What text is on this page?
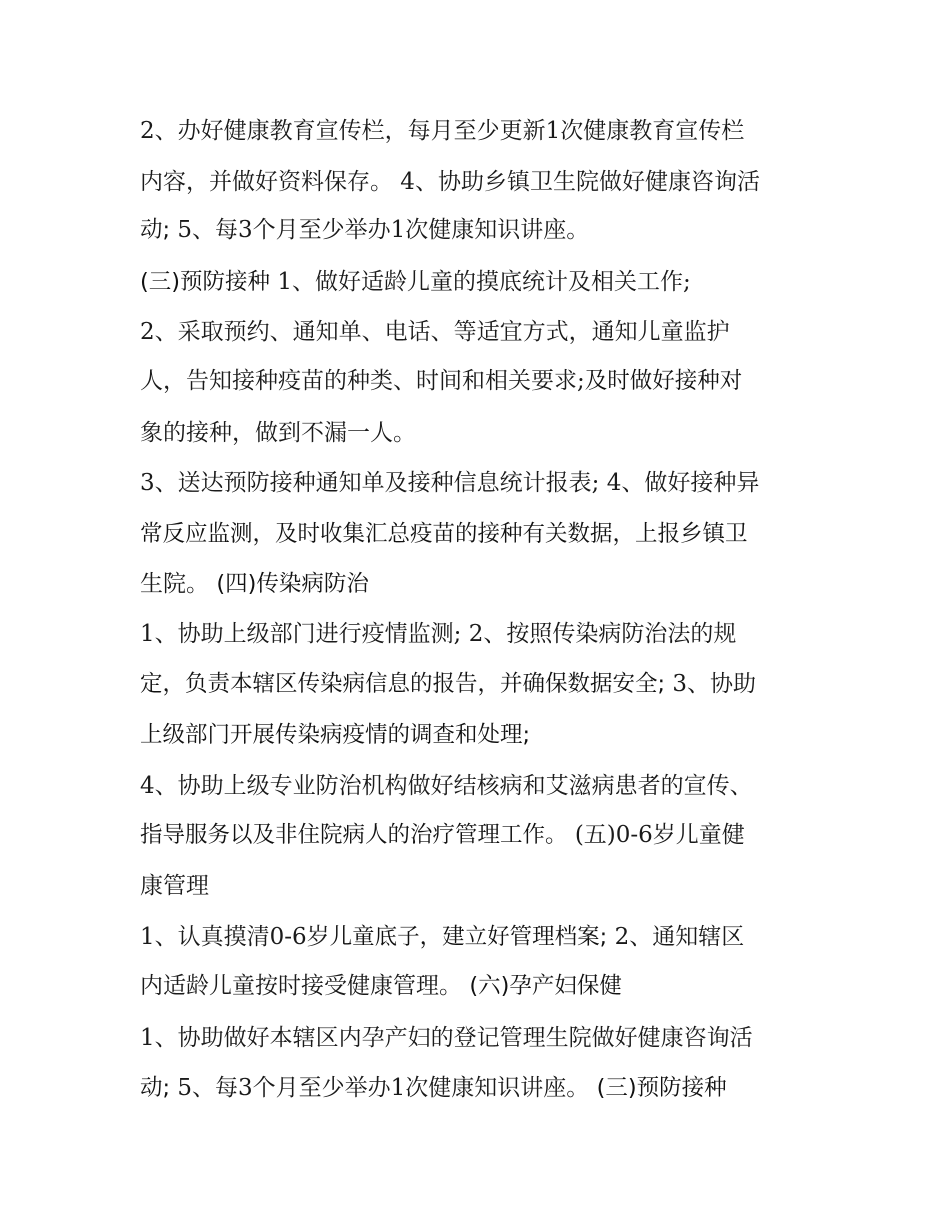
2、办好健康教育宣传栏，每月至少更新1次健康教育宣传栏
内容，并做好资料保存。 4、协助乡镇卫生院做好健康咨询活
动; 5、每3个月至少举办1次健康知识讲座。
(三)预防接种 1、做好适龄儿童的摸底统计及相关工作;
2、采取预约、通知单、电话、等适宜方式，通知儿童监护
人，告知接种疫苗的种类、时间和相关要求;及时做好接种对
象的接种，做到不漏一人。
3、送达预防接种通知单及接种信息统计报表; 4、做好接种异
常反应监测，及时收集汇总疫苗的接种有关数据，上报乡镇卫
生院。 (四)传染病防治
1、协助上级部门进行疫情监测; 2、按照传染病防治法的规
定，负责本辖区传染病信息的报告，并确保数据安全; 3、协助
上级部门开展传染病疫情的调查和处理;
4、协助上级专业防治机构做好结核病和艾滋病患者的宣传、
指导服务以及非住院病人的治疗管理工作。 (五)0-6岁儿童健
康管理
1、认真摸清0-6岁儿童底子，建立好管理档案; 2、通知辖区
内适龄儿童按时接受健康管理。 (六)孕产妇保健
1、协助做好本辖区内孕产妇的登记管理生院做好健康咨询活
动; 5、每3个月至少举办1次健康知识讲座。 (三)预防接种
